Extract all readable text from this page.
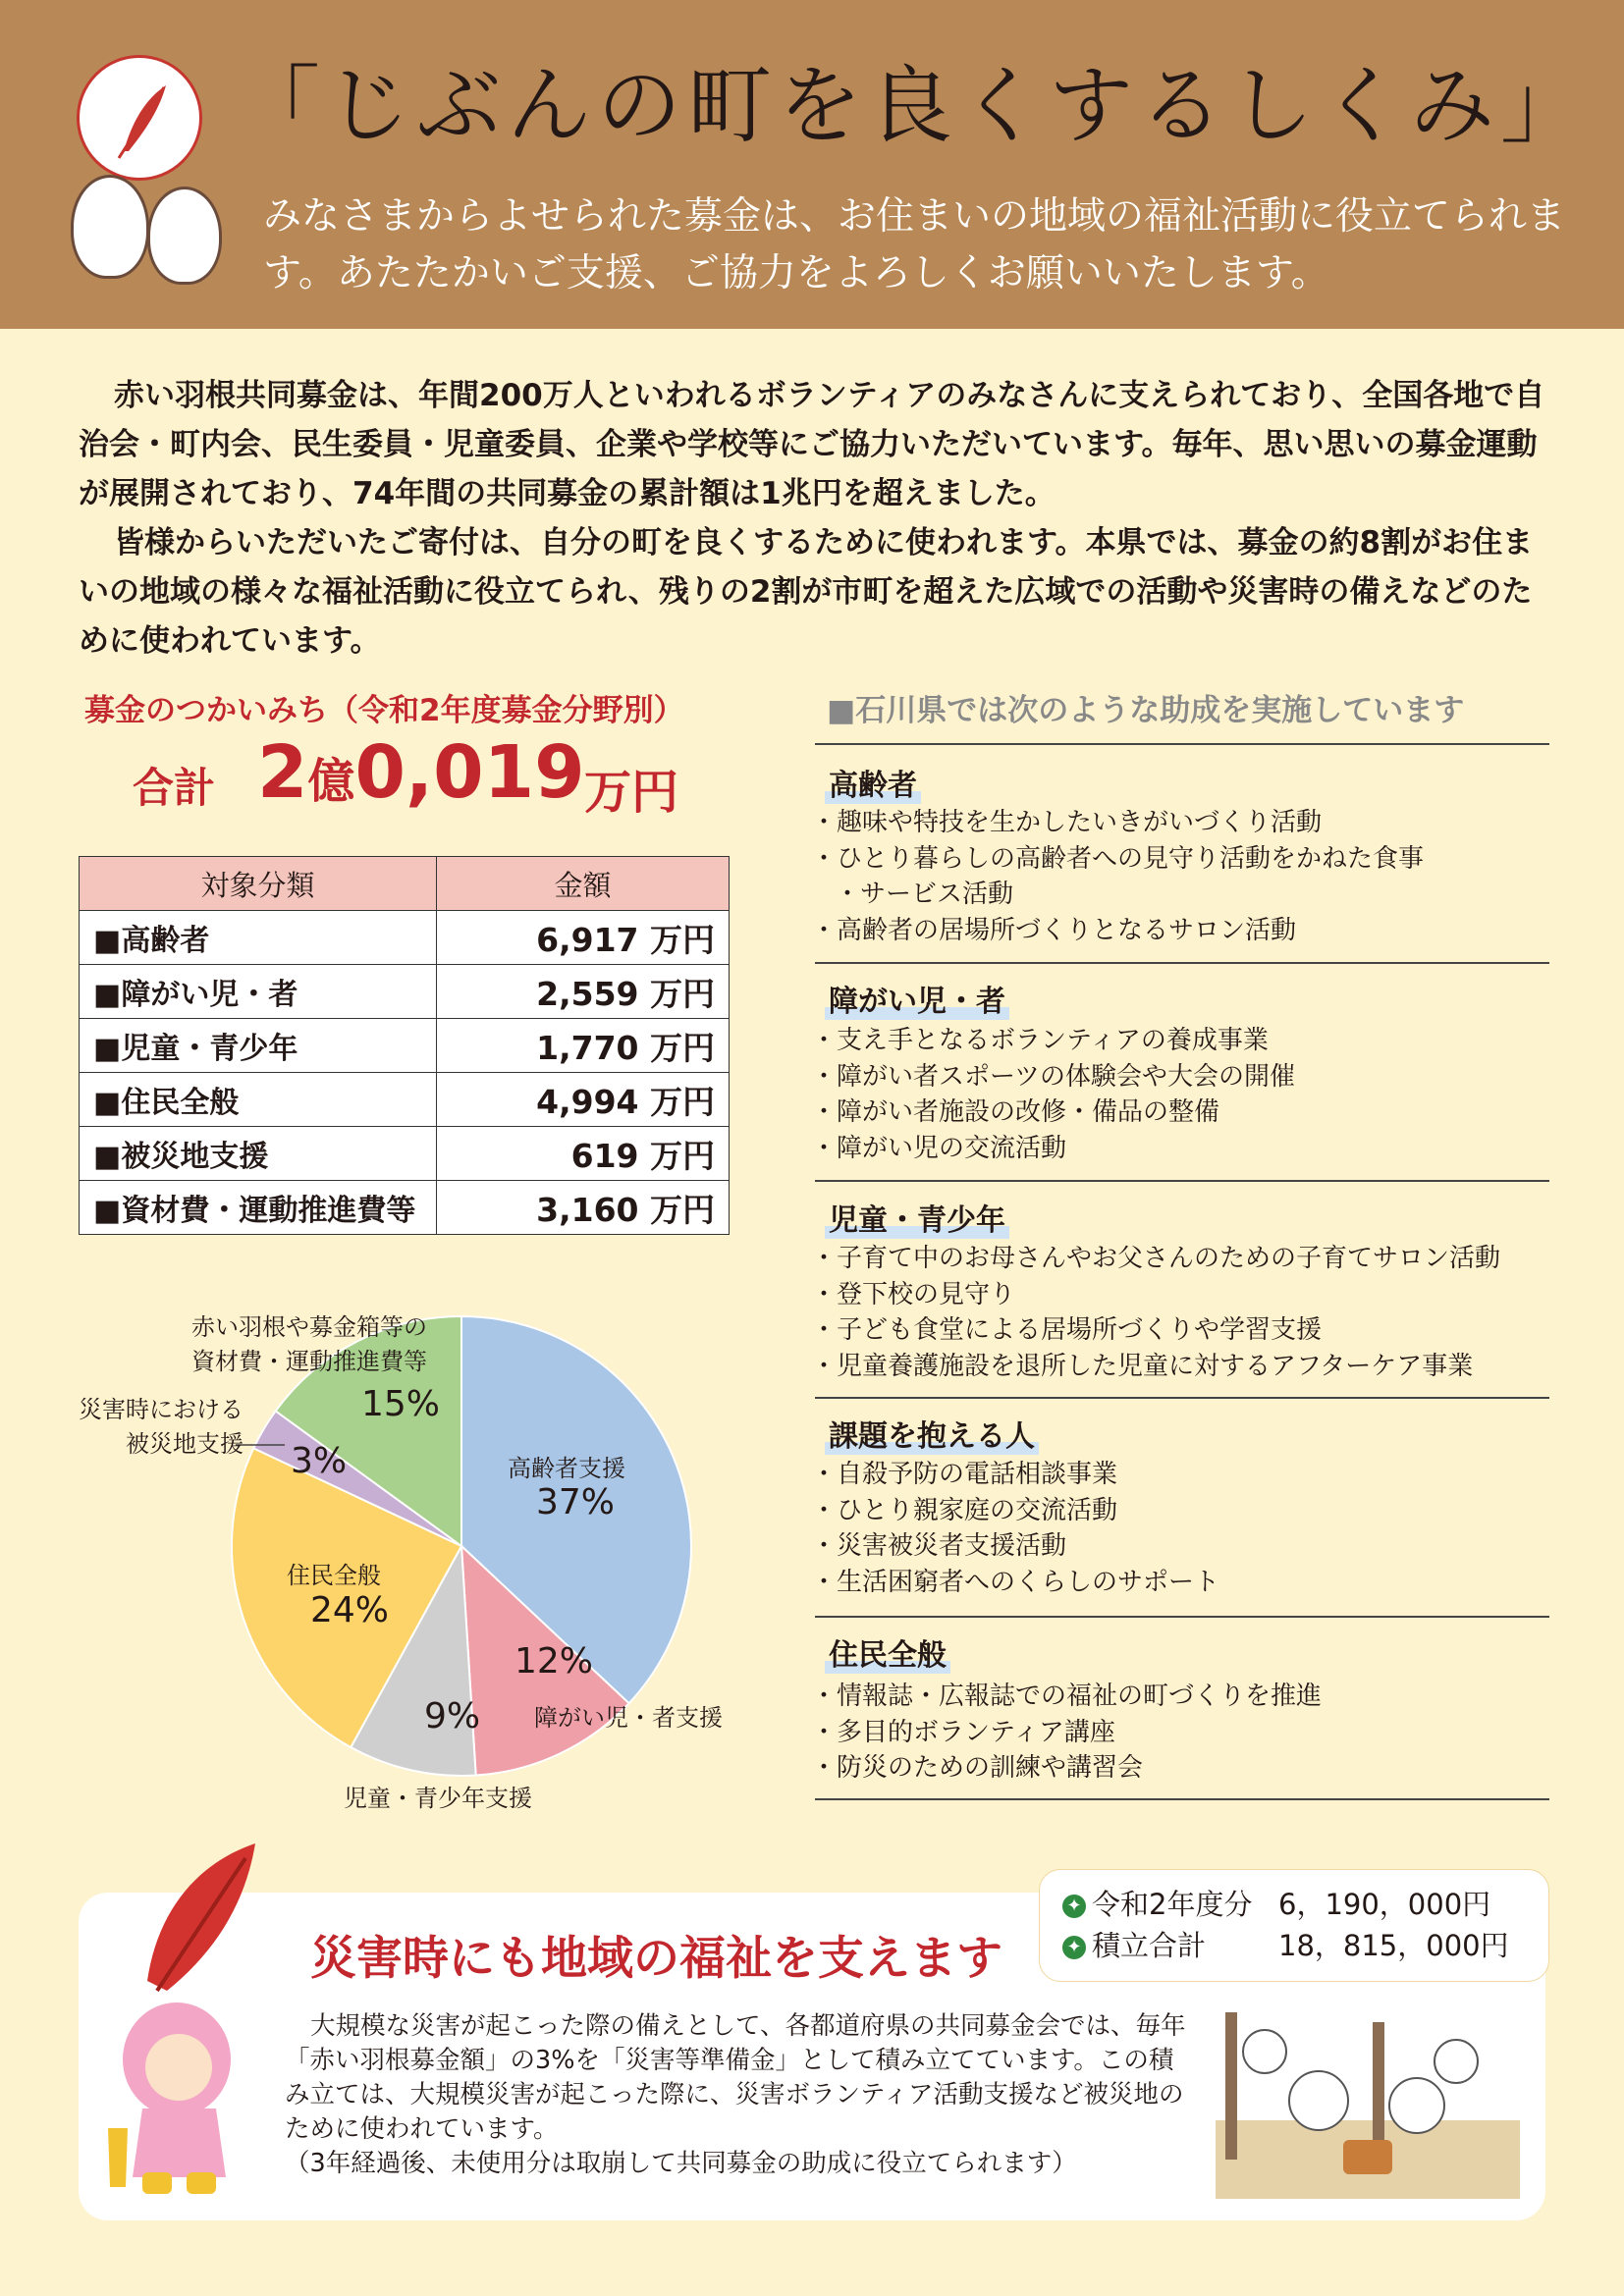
「じぶんの町を良くするしくみ」
みなさまからよせられた募金は、お住まいの地域の福祉活動に役立てられます。あたたかいご支援、ご協力をよろしくお願いいたします。
赤い羽根共同募金は、年間200万人といわれるボランティアのみなさんに支えられており、全国各地で自治会・町内会、民生委員・児童委員、企業や学校等にご協力いただいています。毎年、思い思いの募金運動が展開されており、74年間の共同募金の累計額は1兆円を超えました。
皆様からいただいたご寄付は、自分の町を良くするために使われます。本県では、募金の約8割がお住まいの地域の様々な福祉活動に役立てられ、残りの2割が市町を超えた広域での活動や災害時の備えなどのために使われています。
募金のつかいみち（令和2年度募金分野別）
合計 2億0,019 万円
対象分類	金額
■高齢者	6,917 万円
■障がい児・者	2,559 万円
■児童・青少年	1,770 万円
■住民全般	4,994 万円
■被災地支援	619 万円
■資材費・運動推進費等	3,160 万円
赤い羽根や募金箱等の
資材費・運動推進費等
15%
災害時における
被災地支援 3%	高齢者支援
37%
住民全般
24%
12%
障がい児・者支援
9%
児童・青少年支援
■石川県では次のような助成を実施しています
高齢者
・ 趣味や特技を生かしたいきがいづくり活動
・ ひとり暮らしの高齢者への見守り活動をかねた食事
・ サービス活動
・ 高齢者の居場所づくりとなるサロン活動
障がい児・者
・ 支え手となるボランティアの養成事業
・ 障がい者スポーツの体験会や大会の開催
・ 障がい者施設の改修・備品の整備
・ 障がい児の交流活動
児童・青少年
・ 子育て中のお母さんやお父さんのための子育てサロン活動
・ 登下校の見守り
・ 子ども食堂による居場所づくりや学習支援
・ 児童養護施設を退所した児童に対するアフターケア事業
課題を抱える人
・ 自殺予防の電話相談事業
・ ひとり親家庭の交流活動
・ 災害被災者支援活動
・ 生活困窮者へのくらしのサポート
住民全般
・ 情報誌・広報誌での福祉の町づくりを推進
・ 多目的ボランティア講座
・ 防災のための訓練や講習会
✦ 令和2年度分 6，190，000円
✦ 積立合計	18，815，000円
災害時にも地域の福祉を支えます

大規模な災害が起こった際の備えとして、各都道府県の共同募金会では、毎年「赤い羽根募金額」の3%を「災害等準備金」として積み立てています。この積み立ては、大規模災害が起こった際に、災害ボランティア活動支援など被災地のために使われています。

（3年経過後、未使用分は取崩して共同募金の助成に役立てられます）
